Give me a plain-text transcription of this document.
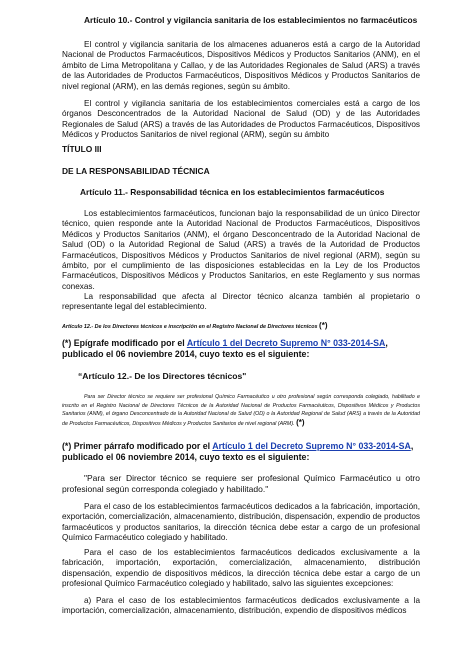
Artículo 10.- Control y vigilancia sanitaria de los establecimientos no farmacéuticos

El control y vigilancia sanitaria de los almacenes aduaneros está a cargo de la Autoridad Nacional de Productos Farmacéuticos, Dispositivos Médicos y Productos Sanitarios (ANM), en el ámbito de Lima Metropolitana y Callao, y de las Autoridades Regionales de Salud (ARS) a través de las Autoridades de Productos Farmacéuticos, Dispositivos Médicos y Productos Sanitarios de nivel regional (ARM), en las demás regiones, según su ámbito.

El control y vigilancia sanitaria de los establecimientos comerciales está a cargo de los órganos Desconcentrados de la Autoridad Nacional de Salud (OD) y de las Autoridades Regionales de Salud (ARS) a través de las Autoridades de Productos Farmacéuticos, Dispositivos Médicos y Productos Sanitarios de nivel regional (ARM), según su ámbito

TÍTULO III

DE LA RESPONSABILIDAD TÉCNICA

Artículo 11.- Responsabilidad técnica en los establecimientos farmacéuticos

Los establecimientos farmacéuticos, funcionan bajo la responsabilidad de un único Director técnico, quien responde ante la Autoridad Nacional de Productos Farmacéuticos, Dispositivos Médicos y Productos Sanitarios (ANM), el órgano Desconcentrado de la Autoridad Nacional de Salud (OD) o la Autoridad Regional de Salud (ARS) a través de la Autoridad de Productos Farmacéuticos, Dispositivos Médicos y Productos Sanitarios de nivel regional (ARM), según su ámbito, por el cumplimiento de las disposiciones establecidas en la Ley de los Productos Farmacéuticos, Dispositivos Médicos y Productos Sanitarios, en este Reglamento y sus normas conexas.

La responsabilidad que afecta al Director técnico alcanza también al propietario o representante legal del establecimiento.

Artículo 12.- De los Directores técnicos e inscripción en el Registro Nacional de Directores técnicos (*)

(*) Epígrafe modificado por el Artículo 1 del Decreto Supremo N° 033-2014-SA, publicado el 06 noviembre 2014, cuyo texto es el siguiente:

“Artículo 12.- De los Directores técnicos"

Para ser Director técnico se requiere ser profesional Químico Farmacéutico u otro profesional según corresponda colegiado, habilitado e inscrito en el Registro Nacional de Directores Técnicos de la Autoridad Nacional de Productos Farmacéuticos, Dispositivos Médicos y Productos Sanitarios (ANM), el órgano Desconcentrado de la Autoridad Nacional de Salud (OD) o la Autoridad Regional de Salud (ARS) a través de la Autoridad de Productos Farmacéuticos, Dispositivos Médicos y Productos Sanitarios de nivel regional (ARM). (*)

(*) Primer párrafo modificado por el Artículo 1 del Decreto Supremo N° 033-2014-SA, publicado el 06 noviembre 2014, cuyo texto es el siguiente:

"Para ser Director técnico se requiere ser profesional Químico Farmacéutico u otro profesional según corresponda colegiado y habilitado."

Para el caso de los establecimientos farmacéuticos dedicados a la fabricación, importación, exportación, comercialización, almacenamiento, distribución, dispensación, expendio de productos farmacéuticos y productos sanitarios, la dirección técnica debe estar a cargo de un profesional Químico Farmacéutico colegiado y habilitado.

Para el caso de los establecimientos farmacéuticos dedicados exclusivamente a la fabricación, importación, exportación, comercialización, almacenamiento, distribución dispensación, expendio de dispositivos médicos, la dirección técnica debe estar a cargo de un profesional Químico Farmacéutico colegiado y habilitado, salvo las siguientes excepciones:

a) Para el caso de los establecimientos farmacéuticos dedicados exclusivamente a la importación, comercialización, almacenamiento, distribución, expendio de dispositivos médicos
